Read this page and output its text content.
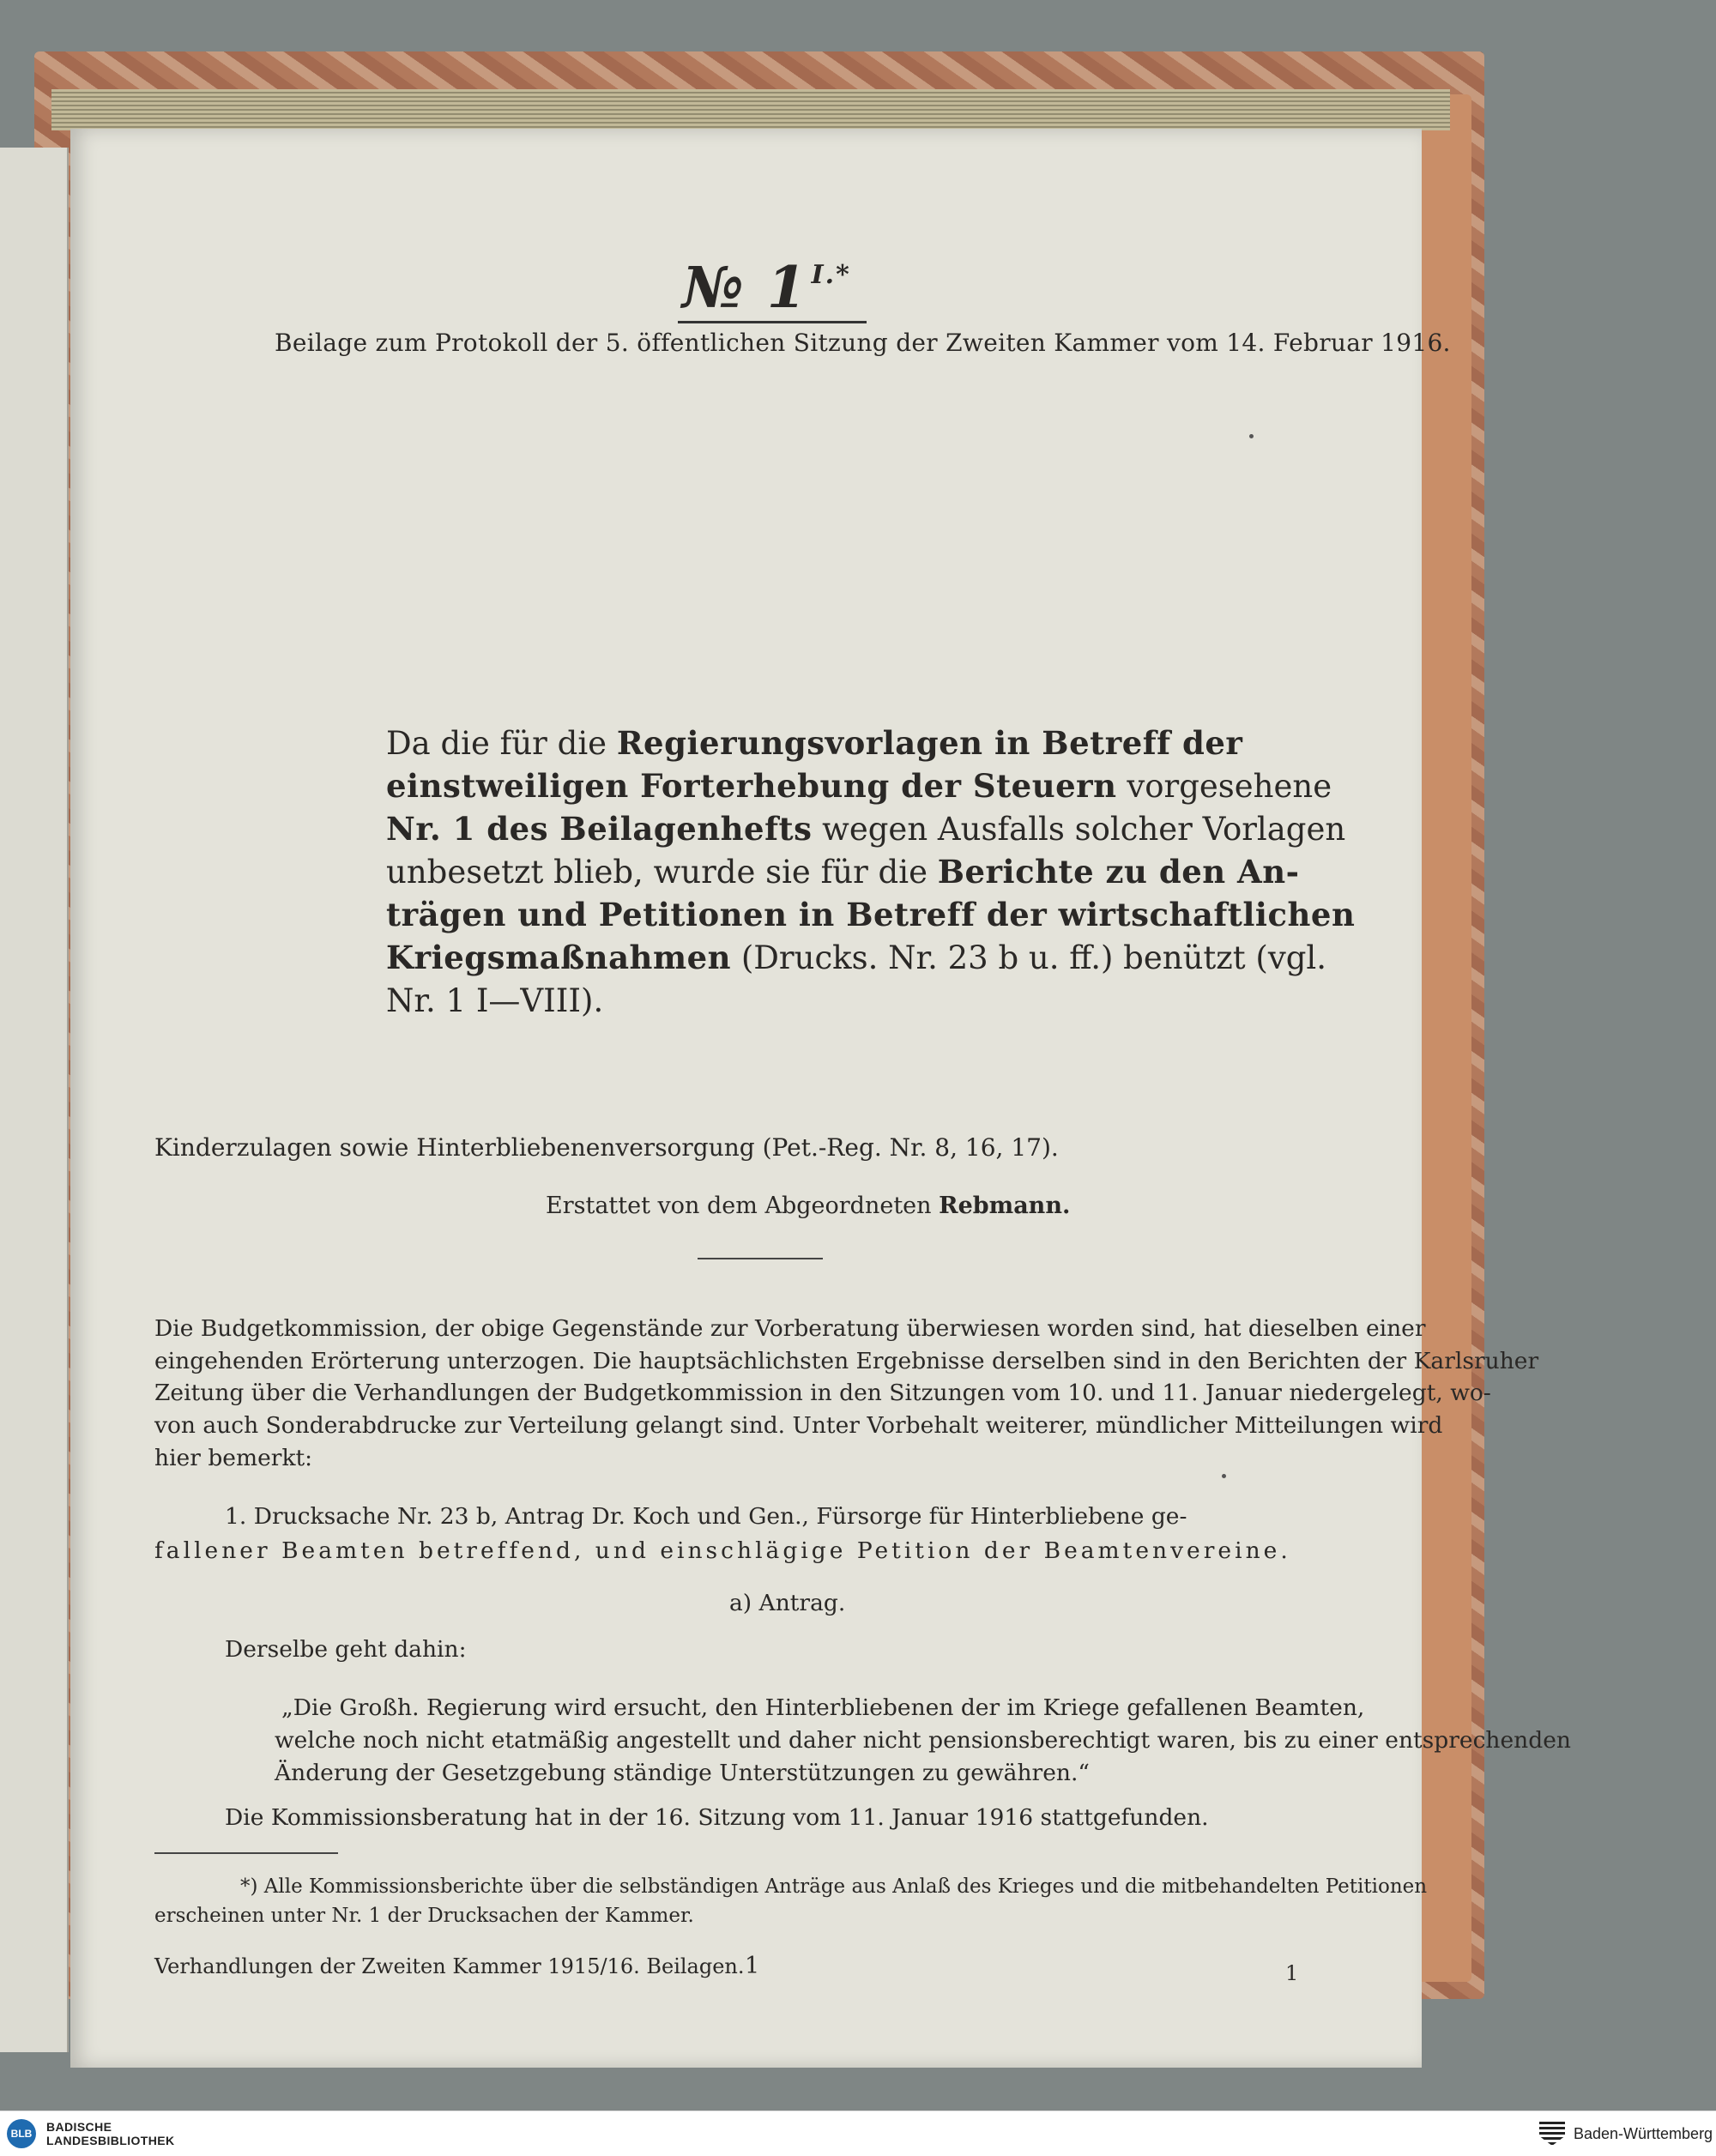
№ 1 $^{I.*}$
Beilage zum Protokoll der 5. öffentlichen Sitzung der Zweiten Kammer vom 14. Februar 1916.
Da die für die Regierungsvorlagen in Betreff der
einstweiligen Forterhebung der Steuern vorgesehene
Nr. 1 des Beilagenhefts wegen Ausfalls solcher Vorlagen
unbesetzt blieb, wurde sie für die Berichte zu den An-
trägen und Petitionen in Betreff der wirtschaftlichen
Kriegsmaßnahmen (Drucks. Nr. 23 b u. ff.) benützt (vgl.
Nr. 1 I—VIII).
Kinderzulagen sowie Hinterbliebenenversorgung (Pet.-Reg. Nr. 8, 16, 17).
Erstattet von dem Abgeordneten Rebmann.
Die Budgetkommission, der obige Gegenstände zur Vorberatung überwiesen worden sind, hat dieselben einer
eingehenden Erörterung unterzogen. Die hauptsächlichsten Ergebnisse derselben sind in den Berichten der Karlsruher
Zeitung über die Verhandlungen der Budgetkommission in den Sitzungen vom 10. und 11. Januar niedergelegt, wo-
von auch Sonderabdrucke zur Verteilung gelangt sind. Unter Vorbehalt weiterer, mündlicher Mitteilungen wird
hier bemerkt:
1. Drucksache Nr. 23 b, Antrag Dr. Koch und Gen., Fürsorge für Hinterbliebene ge-
fallener Beamten betreffend, und einschlägige Petition der Beamtenvereine.
a) Antrag.
Derselbe geht dahin:
„Die Großh. Regierung wird ersucht, den Hinterbliebenen der im Kriege gefallenen Beamten,
welche noch nicht etatmäßig angestellt und daher nicht pensionsberechtigt waren, bis zu einer entsprechenden
Änderung der Gesetzgebung ständige Unterstützungen zu gewähren.“
Die Kommissionsberatung hat in der 16. Sitzung vom 11. Januar 1916 stattgefunden.
*) Alle Kommissionsberichte über die selbständigen Anträge aus Anlaß des Krieges und die mitbehandelten Petitionen
erscheinen unter Nr. 1 der Drucksachen der Kammer.
Verhandlungen der Zweiten Kammer 1915/16. Beilagen. 1	1
BLB	BADISCHE
LANDESBIBLIOTHEK	Baden-Württemberg
